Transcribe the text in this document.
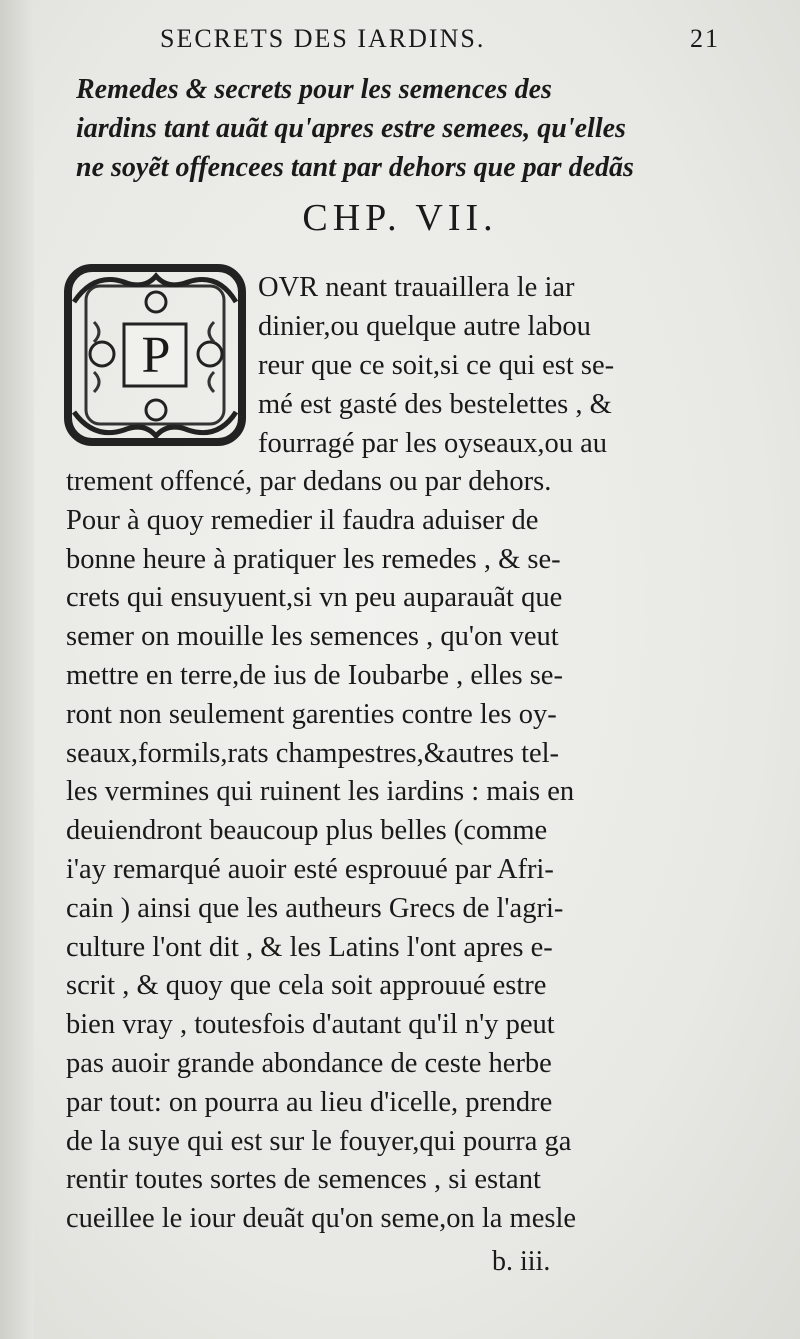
SECRETS DES IARDINS.	21
Remedes & secrets pour les semences des
iardins tant auãt qu'apres estre semees, qu'elles
ne soyẽt offencees tant par dehors que par dedãs
CHP. VII.
P
OVR neant trauaillera le iar
dinier,ou quelque autre labou
reur que ce soit,si ce qui est se-
mé est gasté des bestelettes , &
fourragé par les oyseaux,ou au
trement offencé, par dedans ou par dehors.
Pour à quoy remedier il faudra aduiser de
bonne heure à pratiquer les remedes , & se-
crets qui ensuyuent,si vn peu auparauãt que
semer on mouille les semences , qu'on veut
mettre en terre,de ius de Ioubarbe , elles se-
ront non seulement garenties contre les oy-
seaux,formils,rats champestres,&autres tel-
les vermines qui ruinent les iardins : mais en
deuiendront beaucoup plus belles (comme
i'ay remarqué auoir esté esprouué par Afri-
cain ) ainsi que les autheurs Grecs de l'agri-
culture l'ont dit , & les Latins l'ont apres e-
scrit , & quoy que cela soit approuué estre
bien vray , toutesfois d'autant qu'il n'y peut
pas auoir grande abondance de ceste herbe
par tout: on pourra au lieu d'icelle, prendre
de la suye qui est sur le fouyer,qui pourra ga
rentir toutes sortes de semences , si estant
cueillee le iour deuãt qu'on seme,on la mesle
b. iii.
